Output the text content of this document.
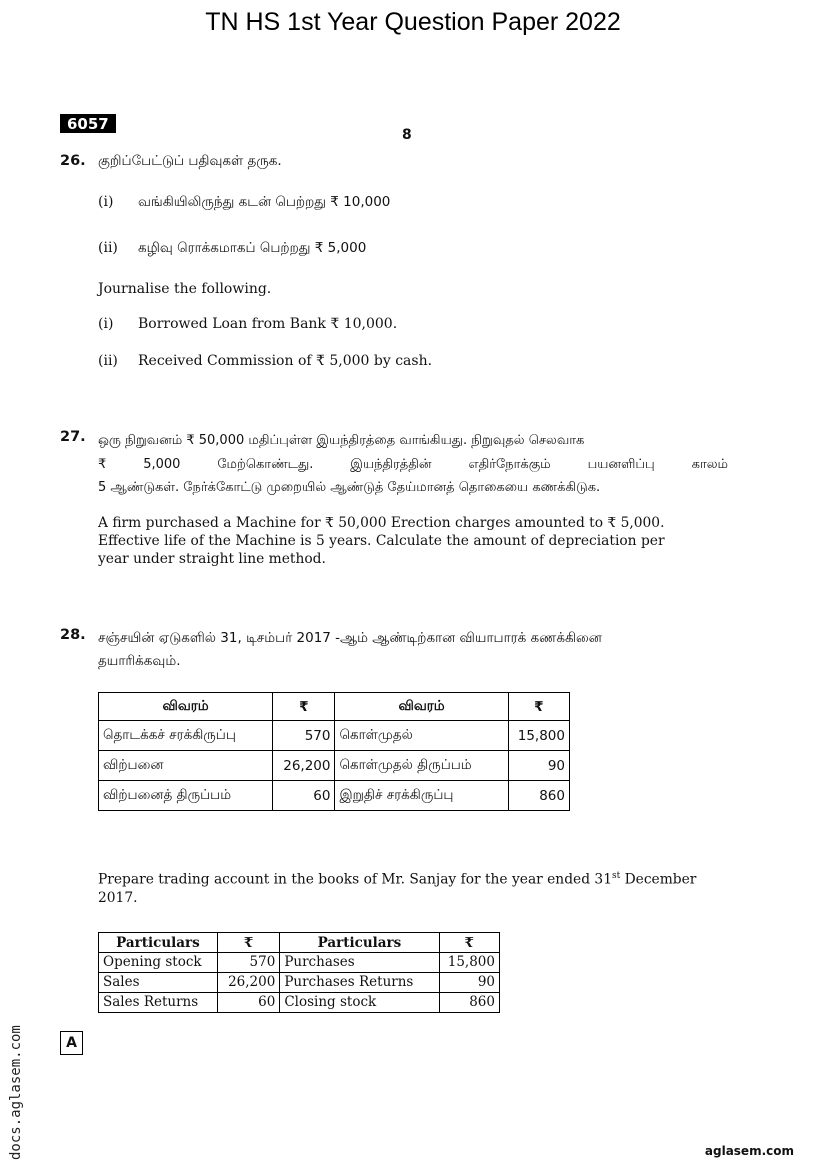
TN HS 1st Year Question Paper 2022
6057
8
26. குறிப்பேட்டுப் பதிவுகள் தருக.
(i) வங்கியிலிருந்து கடன் பெற்றது ₹ 10,000
(ii) கழிவு ரொக்கமாகப் பெற்றது ₹ 5,000
Journalise the following.
(i) Borrowed Loan from Bank ₹ 10,000.
(ii) Received Commission of ₹ 5,000 by cash.
27. ஒரு நிறுவனம் ₹ 50,000 மதிப்புள்ள இயந்திரத்தை வாங்கியது. நிறுவுதல் செலவாக
₹ 5,000 மேற்கொண்டது. இயந்திரத்தின் எதிர்நோக்கும் பயனளிப்பு காலம்
5 ஆண்டுகள். நேர்க்கோட்டு முறையில் ஆண்டுத் தேய்மானத் தொகையை கணக்கிடுக.
A firm purchased a Machine for ₹ 50,000 Erection charges amounted to ₹ 5,000.
Effective life of the Machine is 5 years. Calculate the amount of depreciation per
year under straight line method.
28. சஞ்சயின் ஏடுகளில் 31, டிசம்பர் 2017 -ஆம் ஆண்டிற்கான வியாபாரக் கணக்கினை
தயாரிக்கவும்.
விவரம்	₹	விவரம்	₹
தொடக்கச் சரக்கிருப்பு	570	கொள்முதல்	15,800
விற்பனை	26,200	கொள்முதல் திருப்பம்	90
விற்பனைத் திருப்பம்	60	இறுதிச் சரக்கிருப்பு	860
Prepare trading account in the books of Mr. Sanjay for the year ended 31st December
2017.
Particulars	₹	Particulars	₹
Opening stock	570	Purchases	15,800
Sales	26,200	Purchases Returns	90
Sales Returns	60	Closing stock	860
A
docs.aglasem.com	aglasem.com
